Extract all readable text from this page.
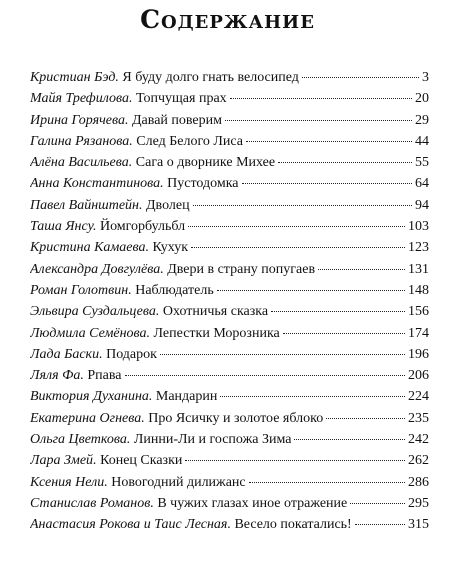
Содержание
Кристиан Бэд. Я буду долго гнать велосипед	3
Майя Трефилова. Топчущая прах	20
Ирина Горячева. Давай поверим	29
Галина Рязанова. След Белого Лиса	44
Алёна Васильева. Сага о дворнике Михее	55
Анна Константинова. Пустодомка	64
Павел Вайнштейн. Дволец	94
Таша Янсу. Йомгорбульбл	103
Кристина Камаева. Кухук	123
Александра Довгулёва. Двери в страну попугаев	131
Роман Голотвин. Наблюдатель	148
Эльвира Суздальцева. Охотничья сказка	156
Людмила Семёнова. Лепестки Морозника	174
Лада Баски. Подарок	196
Ляля Фа. Рпава	206
Виктория Духанина. Мандарин	224
Екатерина Огнева. Про Ясичку и золотое яблоко	235
Ольга Цветкова. Линни-Ли и госпожа Зима	242
Лара Змей. Конец Сказки	262
Ксения Нели. Новогодний дилижанс	286
Станислав Романов. В чужих глазах иное отражение	295
Анастасия Рокова и Таис Лесная. Весело покатались!	315
